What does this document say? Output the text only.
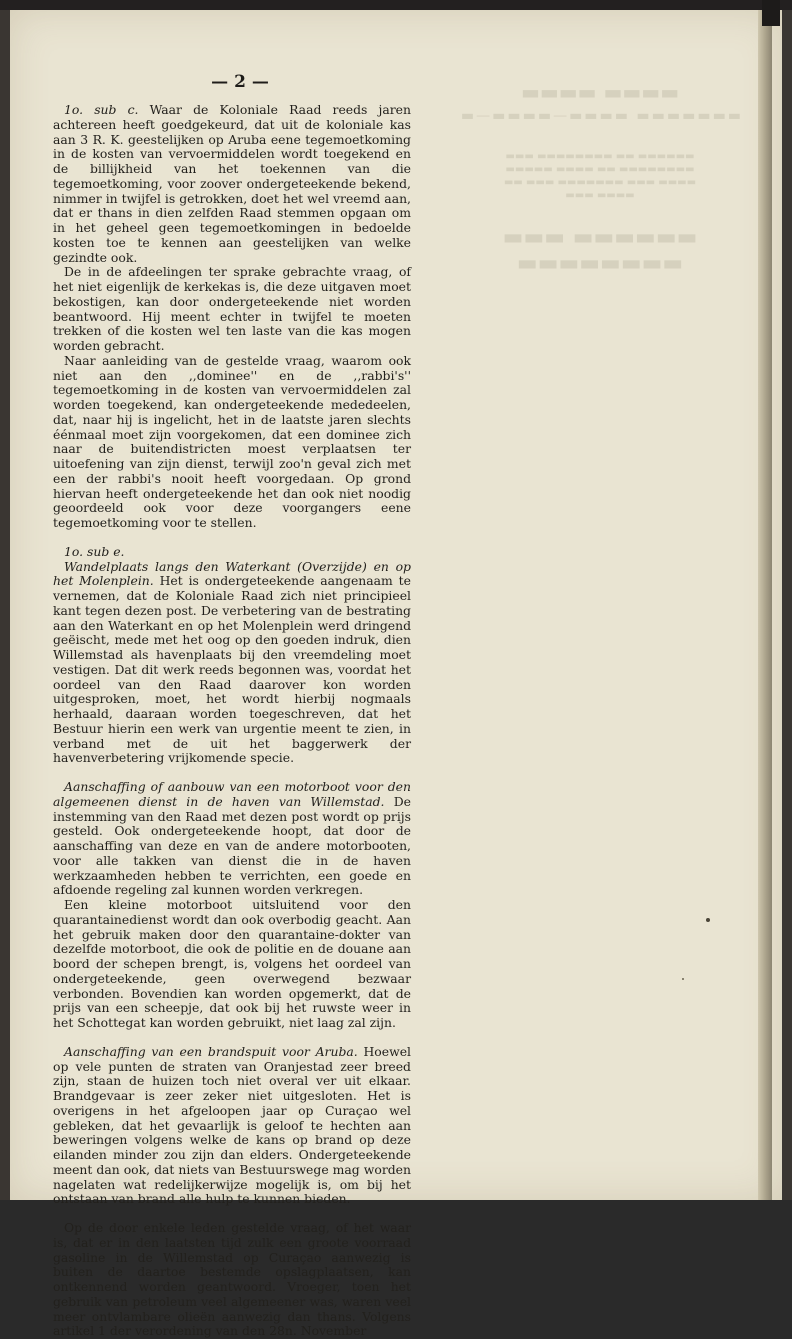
— 2 —

1o. sub c. Waar de Koloniale Raad reeds jaren achtereen heeft goedgekeurd, dat uit de koloniale kas aan 3 R. K. geestelijken op Aruba eene tegemoetkoming in de kosten van vervoermiddelen wordt toegekend en de billijkheid van het toekennen van die tegemoetkoming, voor zoover ondergeteekende bekend, nimmer in twijfel is getrokken, doet het wel vreemd aan, dat er thans in dien zelfden Raad stemmen opgaan om in het geheel geen tegemoetkomingen in bedoelde kosten toe te kennen aan geestelijken van welke gezindte ook.

De in de afdeelingen ter sprake gebrachte vraag, of het niet eigenlijk de kerkekas is, die deze uitgaven moet bekostigen, kan door ondergeteekende niet worden beantwoord. Hij meent echter in twijfel te moeten trekken of die kosten wel ten laste van die kas mogen worden gebracht.

Naar aanleiding van de gestelde vraag, waarom ook niet aan den ,,dominee'' en de ,,rabbi's'' tegemoetkoming in de kosten van vervoermiddelen zal worden toegekend, kan ondergeteekende mededeelen, dat, naar hij is ingelicht, het in de laatste jaren slechts éénmaal moet zijn voorgekomen, dat een dominee zich naar de buitendistricten moest verplaatsen ter uitoefening van zijn dienst, terwijl zoo'n geval zich met een der rabbi's nooit heeft voorgedaan. Op grond hiervan heeft ondergeteekende het dan ook niet noodig geoordeeld ook voor deze voorgangers eene tegemoetkoming voor te stellen.

1o. sub e.

Wandelplaats langs den Waterkant (Overzijde) en op het Molenplein. Het is ondergeteekende aangenaam te vernemen, dat de Koloniale Raad zich niet principieel kant tegen dezen post. De verbetering van de bestrating aan den Waterkant en op het Molenplein werd dringend geëischt, mede met het oog op den goeden indruk, dien Willemstad als havenplaats bij den vreemdeling moet vestigen. Dat dit werk reeds begonnen was, voordat het oordeel van den Raad daarover kon worden uitgesproken, moet, het wordt hierbij nogmaals herhaald, daaraan worden toegeschreven, dat het Bestuur hierin een werk van urgentie meent te zien, in verband met de uit het baggerwerk der havenverbetering vrijkomende specie.

Aanschaffing of aanbouw van een motorboot voor den algemeenen dienst in de haven van Willemstad. De instemming van den Raad met dezen post wordt op prijs gesteld. Ook ondergeteekende hoopt, dat door de aanschaffing van deze en van de andere motorbooten, voor alle takken van dienst die in de haven werkzaamheden hebben te verrichten, een goede en afdoende regeling zal kunnen worden verkregen.

Een kleine motorboot uitsluitend voor den quarantainedienst wordt dan ook overbodig geacht. Aan het gebruik maken door den quarantaine-dokter van dezelfde motorboot, die ook de politie en de douane aan boord der schepen brengt, is, volgens het oordeel van ondergeteekende, geen overwegend bezwaar verbonden. Bovendien kan worden opgemerkt, dat de prijs van een scheepje, dat ook bij het ruwste weer in het Schottegat kan worden gebruikt, niet laag zal zijn.

Aanschaffing van een brandspuit voor Aruba. Hoewel op vele punten de straten van Oranjestad zeer breed zijn, staan de huizen toch niet overal ver uit elkaar. Brandgevaar is zeer zeker niet uitgesloten. Het is overigens in het afgeloopen jaar op Curaçao wel gebleken, dat het gevaarlijk is geloof te hechten aan beweringen volgens welke de kans op brand op deze eilanden minder zou zijn dan elders. Ondergeteekende meent dan ook, dat niets van Bestuurswege mag worden nagelaten wat redelijkerwijze mogelijk is, om bij het ontstaan van brand alle hulp te kunnen bieden.

Op de door enkele leden gestelde vraag, of het waar is, dat er in den laatsten tijd zulk een groote voorraad gasoline in de Willemstad op Curaçao aanwezig is buiten de daartoe bestemde opslagplaatsen, kan ontkennend worden geantwoord. Vroeger, toen het gebruik van petroleum veel algemeener was, waren veel meer ontvlambare olieën aanwezig dan thans. Volgens artikel 1 der verordening van den 28n. November
